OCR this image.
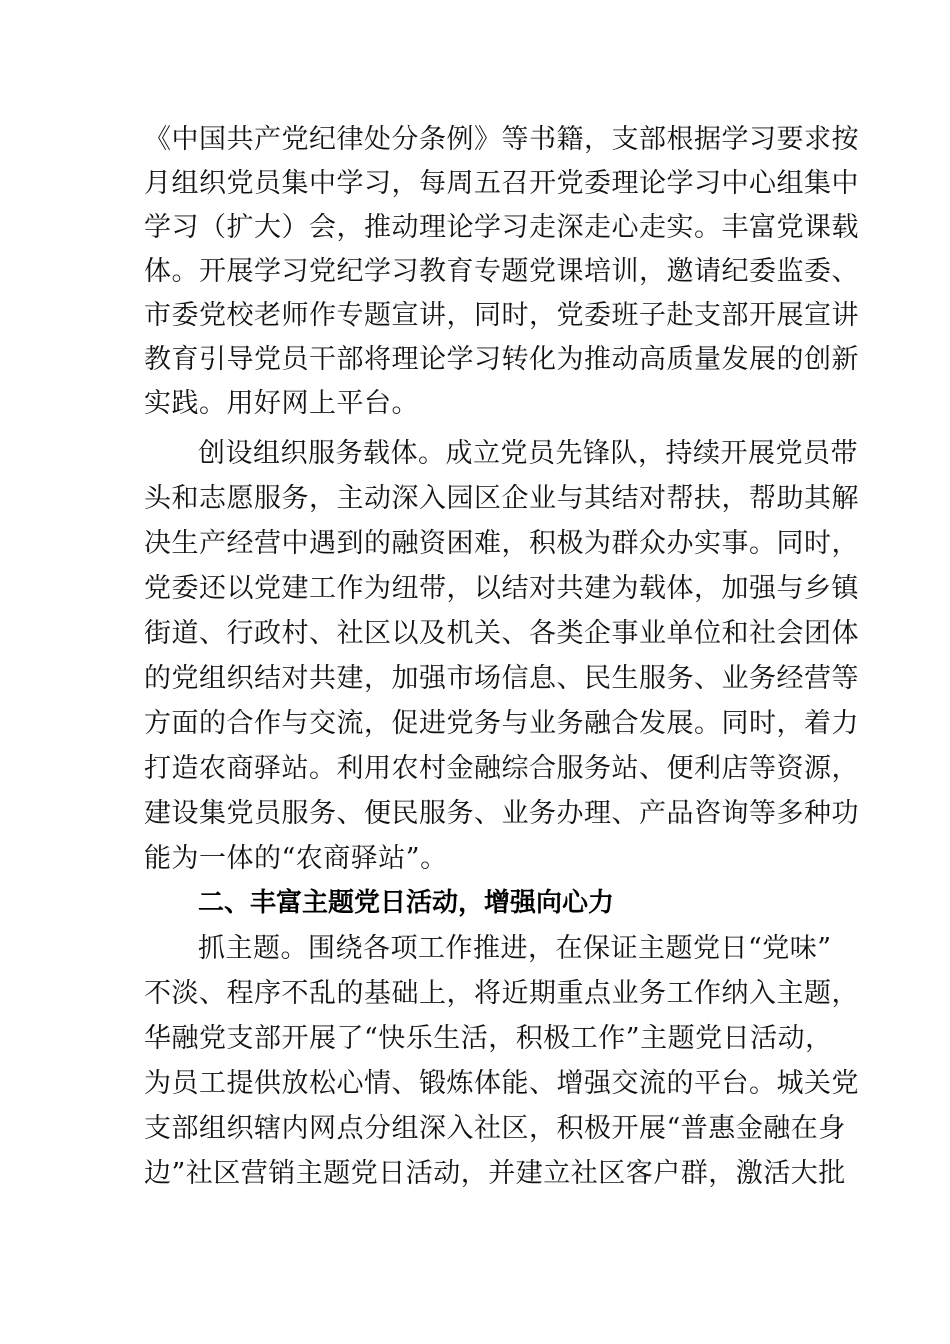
《中国共产党纪律处分条例》等书籍，支部根据学习要求按
月组织党员集中学习，每周五召开党委理论学习中心组集中
学习（扩大）会，推动理论学习走深走心走实。丰富党课载
体。开展学习党纪学习教育专题党课培训，邀请纪委监委、
市委党校老师作专题宣讲，同时，党委班子赴支部开展宣讲
教育引导党员干部将理论学习转化为推动高质量发展的创新
实践。用好网上平台。
创设组织服务载体。成立党员先锋队，持续开展党员带
头和志愿服务，主动深入园区企业与其结对帮扶，帮助其解
决生产经营中遇到的融资困难，积极为群众办实事。同时，
党委还以党建工作为纽带，以结对共建为载体，加强与乡镇
街道、行政村、社区以及机关、各类企事业单位和社会团体
的党组织结对共建，加强市场信息、民生服务、业务经营等
方面的合作与交流，促进党务与业务融合发展。同时，着力
打造农商驿站。利用农村金融综合服务站、便利店等资源，
建设集党员服务、便民服务、业务办理、产品咨询等多种功
能为一体的“农商驿站”。
二、丰富主题党日活动，增强向心力
抓主题。围绕各项工作推进，在保证主题党日“党味”
不淡、程序不乱的基础上，将近期重点业务工作纳入主题，
华融党支部开展了“快乐生活，积极工作”主题党日活动，
为员工提供放松心情、锻炼体能、增强交流的平台。城关党
支部组织辖内网点分组深入社区，积极开展“普惠金融在身
边”社区营销主题党日活动，并建立社区客户群，激活大批
